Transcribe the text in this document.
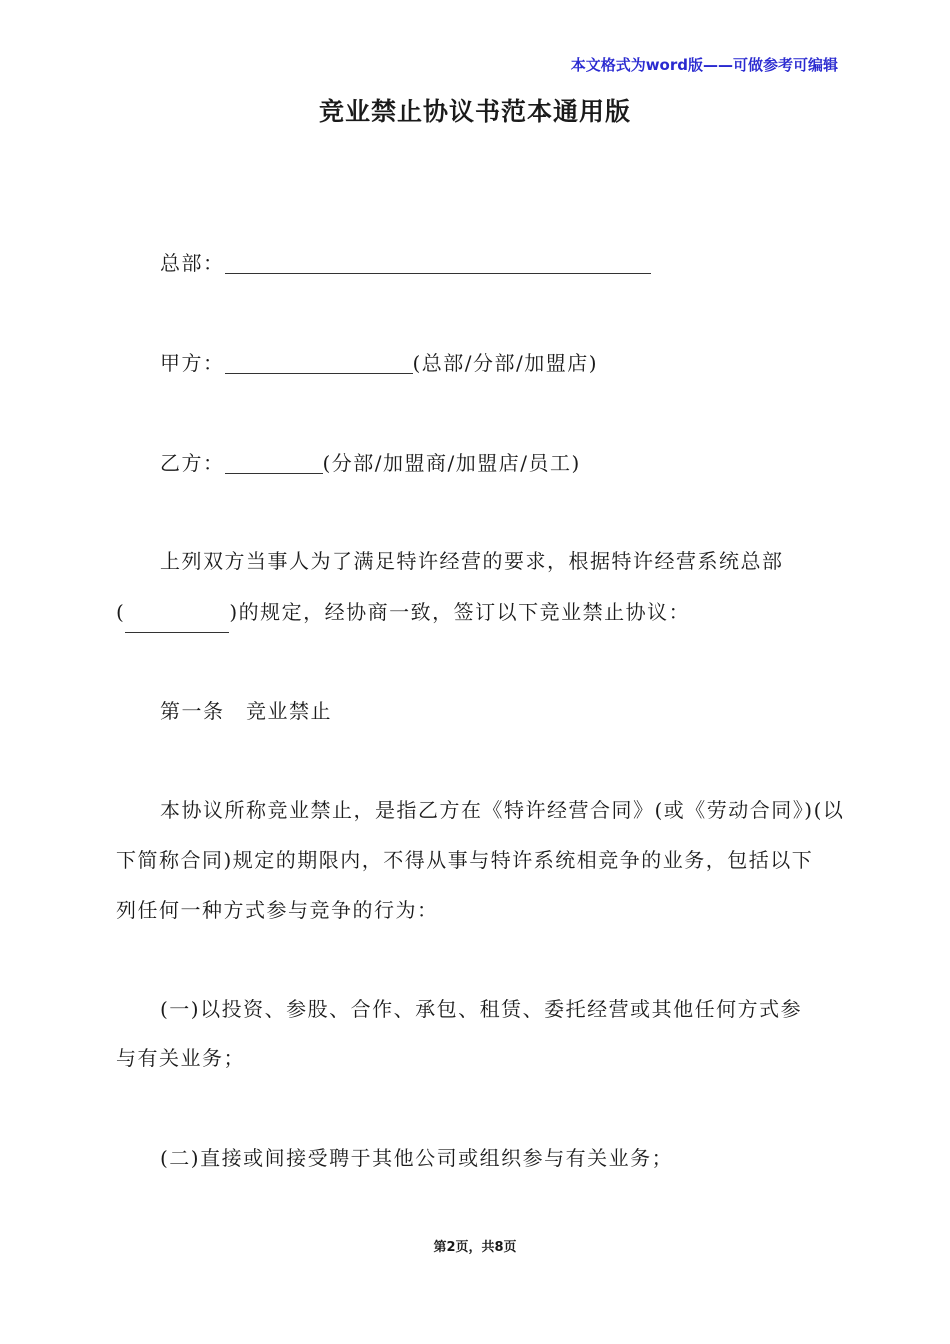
本文格式为word版——可做参考可编辑
竞业禁止协议书范本通用版
总部：
甲方：	(总部/分部/加盟店)
乙方：	(分部/加盟商/加盟店/员工)
上列双方当事人为了满足特许经营的要求，根据特许经营系统总部
(	)的规定，经协商一致，签订以下竞业禁止协议：
第一条　竞业禁止
本协议所称竞业禁止，是指乙方在《特许经营合同》(或《劳动合同》)(以
下简称合同)规定的期限内，不得从事与特许系统相竞争的业务，包括以下
列任何一种方式参与竞争的行为：
(一)以投资、参股、合作、承包、租赁、委托经营或其他任何方式参
与有关业务；
(二)直接或间接受聘于其他公司或组织参与有关业务；
第2页，共8页
